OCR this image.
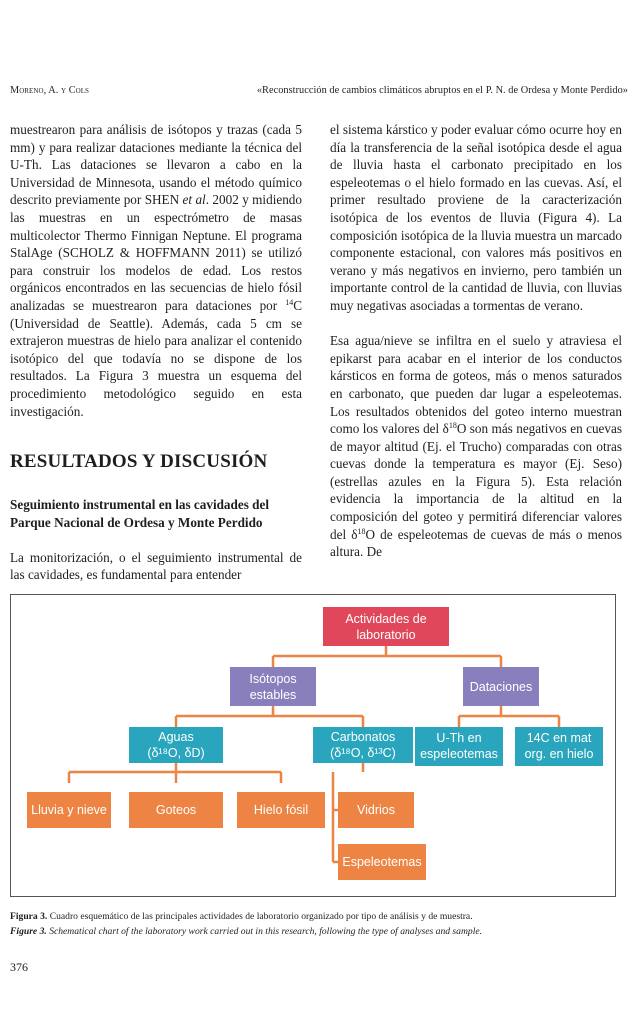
Moreno, A. y Cols	«Reconstrucción de cambios climáticos abruptos en el P. N. de Ordesa y Monte Perdido»

muestrearon para análisis de isótopos y trazas (cada 5 mm) y para realizar dataciones mediante la técnica del U-Th. Las dataciones se llevaron a cabo en la Universidad de Minnesota, usando el método químico descrito previamente por SHEN et al. 2002 y midiendo las muestras en un espectrómetro de masas multicolector Thermo Finnigan Neptune. El programa StalAge (SCHOLZ & HOFFMANN 2011) se utilizó para construir los modelos de edad. Los restos orgánicos encontrados en las secuencias de hielo fósil analizadas se muestrearon para dataciones por $^{14}$C (Universidad de Seattle). Además, cada 5 cm se extrajeron muestras de hielo para analizar el contenido isotópico del que todavía no se dispone de los resultados. La Figura 3 muestra un esquema del procedimiento metodológico seguido en esta investigación.

RESULTADOS Y DISCUSIÓN
Seguimiento instrumental en las cavidades del Parque Nacional de Ordesa y Monte Perdido

La monitorización, o el seguimiento instrumental de las cavidades, es fundamental para entender

el sistema kárstico y poder evaluar cómo ocurre hoy en día la transferencia de la señal isotópica desde el agua de lluvia hasta el carbonato precipitado en los espeleotemas o el hielo formado en las cuevas. Así, el primer resultado proviene de la caracterización isotópica de los eventos de lluvia (Figura 4). La composición isotópica de la lluvia muestra un marcado componente estacional, con valores más positivos en verano y más negativos en invierno, pero también un importante control de la cantidad de lluvia, con lluvias muy negativas asociadas a tormentas de verano.

Esa agua/nieve se infiltra en el suelo y atraviesa el epikarst para acabar en el interior de los conductos kársticos en forma de goteos, más o menos saturados en carbonato, que pueden dar lugar a espeleotemas. Los resultados obtenidos del goteo interno muestran como los valores del $\delta^{18}O$ son más negativos en cuevas de mayor altitud (Ej. el Trucho) comparadas con otras cuevas donde la temperatura es mayor (Ej. Seso) (estrellas azules en la Figura 5). Esta relación evidencia la importancia de la altitud en la composición del goteo y permitirá diferenciar valores del $\delta^{18}O$ de espeleotemas de cuevas de más o menos altura. De

Actividades de
laboratorio
Isótopos
estables
Dataciones
Aguas
(δ¹⁸O, δD)
Carbonatos
(δ¹⁸O, δ¹³C)
U-Th en
espeleotemas
14C en mat
org. en hielo
Lluvia y nieve	Goteos	Hielo fósil	Vidrios
Espeleotemas

Figura 3. Cuadro esquemático de las principales actividades de laboratorio organizado por tipo de análisis y de muestra.

Figure 3. Schematical chart of the laboratory work carried out in this research, following the type of analyses and sample.

376
